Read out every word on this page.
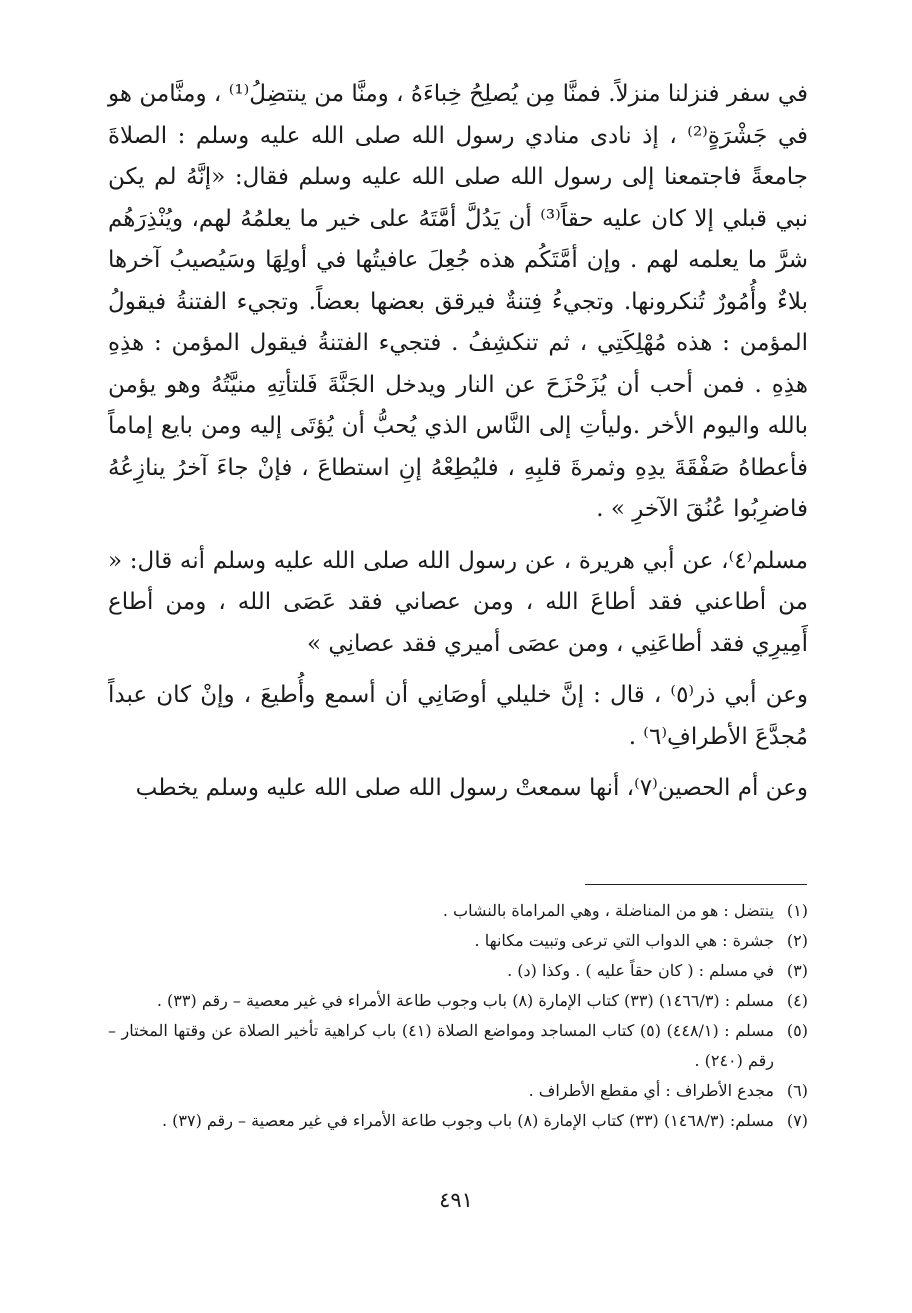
في سفر فنزلنا منزلاً. فمنَّا مِن يُصلِحُ خِباءَهُ ، ومنَّا من ينتضِلُ⁽¹⁾ ، ومنَّامن هو في جَشْرَةٍ⁽²⁾ ، إذ نادى منادي رسول الله صلى الله عليه وسلم : الصلاةَ جامعةً فاجتمعنا إلى رسول الله صلى الله عليه وسلم فقال: «إنَّهُ لم يكن نبي قبلي إلا كان عليه حقاً⁽³⁾ أن يَدُلَّ أمَّتَهُ على خير ما يعلمُهُ لهم، ويُنْذِرَهُم شرَّ ما يعلمه لهم . وإن أمَّتَكُم هذه جُعِلَ عافيتُها في أولِهَا وسَيُصيبُ آخرها بلاءٌ وأُمُورٌ تُنكرونها. وتجيءُ فِتنةٌ فيرقق بعضها بعضاً. وتجيء الفتنةُ فيقولُ المؤمن : هذه مُهْلِكَتِي ، ثم تنكشِفُ . فتجيء الفتنةُ فيقول المؤمن : هذِهِ هذِهِ . فمن أحب أن يُزَحْزَحَ عن النار ويدخل الجَنَّةَ فَلتأتِهِ منيَّتُهُ وهو يؤمن بالله واليوم الأخر .وليأتِ إلى النَّاس الذي يُحبُّ أن يُؤتَى إليه ومن بايع إماماً فأعطاهُ صَفْقَةَ يدِهِ وثمرةَ قلبِهِ ، فليُطِعْهُ إنِ استطاعَ ، فإنْ جاءَ آخرُ ينازِعُهُ فاضرِبُوا عُنُقَ الآخرِ » .

مسلم⁽٤⁾، عن أبي هريرة ، عن رسول الله صلى الله عليه وسلم أنه قال: « من أطاعني فقد أطاعَ الله ، ومن عصاني فقد عَصَى الله ، ومن أطاع أَمِيرِي فقد أطاعَنِي ، ومن عصَى أميري فقد عصانِي »

وعن أبي ذر⁽٥⁾ ، قال : إنَّ خليلي أوصَانِي أن أسمع وأُطيعَ ، وإنْ كان عبداً مُجدَّعَ الأطرافِ⁽٦⁾ .

وعن أم الحصين⁽٧⁾، أنها سمعتْ رسول الله صلى الله عليه وسلم يخطب

(١)
ينتضل : هو من المناضلة ، وهي المراماة بالنشاب .
(٢)
جشرة : هي الدواب التي ترعى وتبيت مكانها .
(٣)
في مسلم : ( كان حقاً عليه ) . وكذا (د) .
(٤)
مسلم : (١٤٦٦/٣) (٣٣) كتاب الإمارة (٨) باب وجوب طاعة الأمراء في غير معصية – رقم (٣٣) .
(٥)
مسلم : (٤٤٨/١) (٥) كتاب المساجد ومواضع الصلاة (٤١) باب كراهية تأخير الصلاة عن وقتها المختار – رقم (٢٤٠) .
(٦)
مجدع الأطراف : أي مقطع الأطراف .
(٧)
مسلم: (١٤٦٨/٣) (٣٣) كتاب الإمارة (٨) باب وجوب طاعة الأمراء في غير معصية – رقم (٣٧) .
٤٩١
